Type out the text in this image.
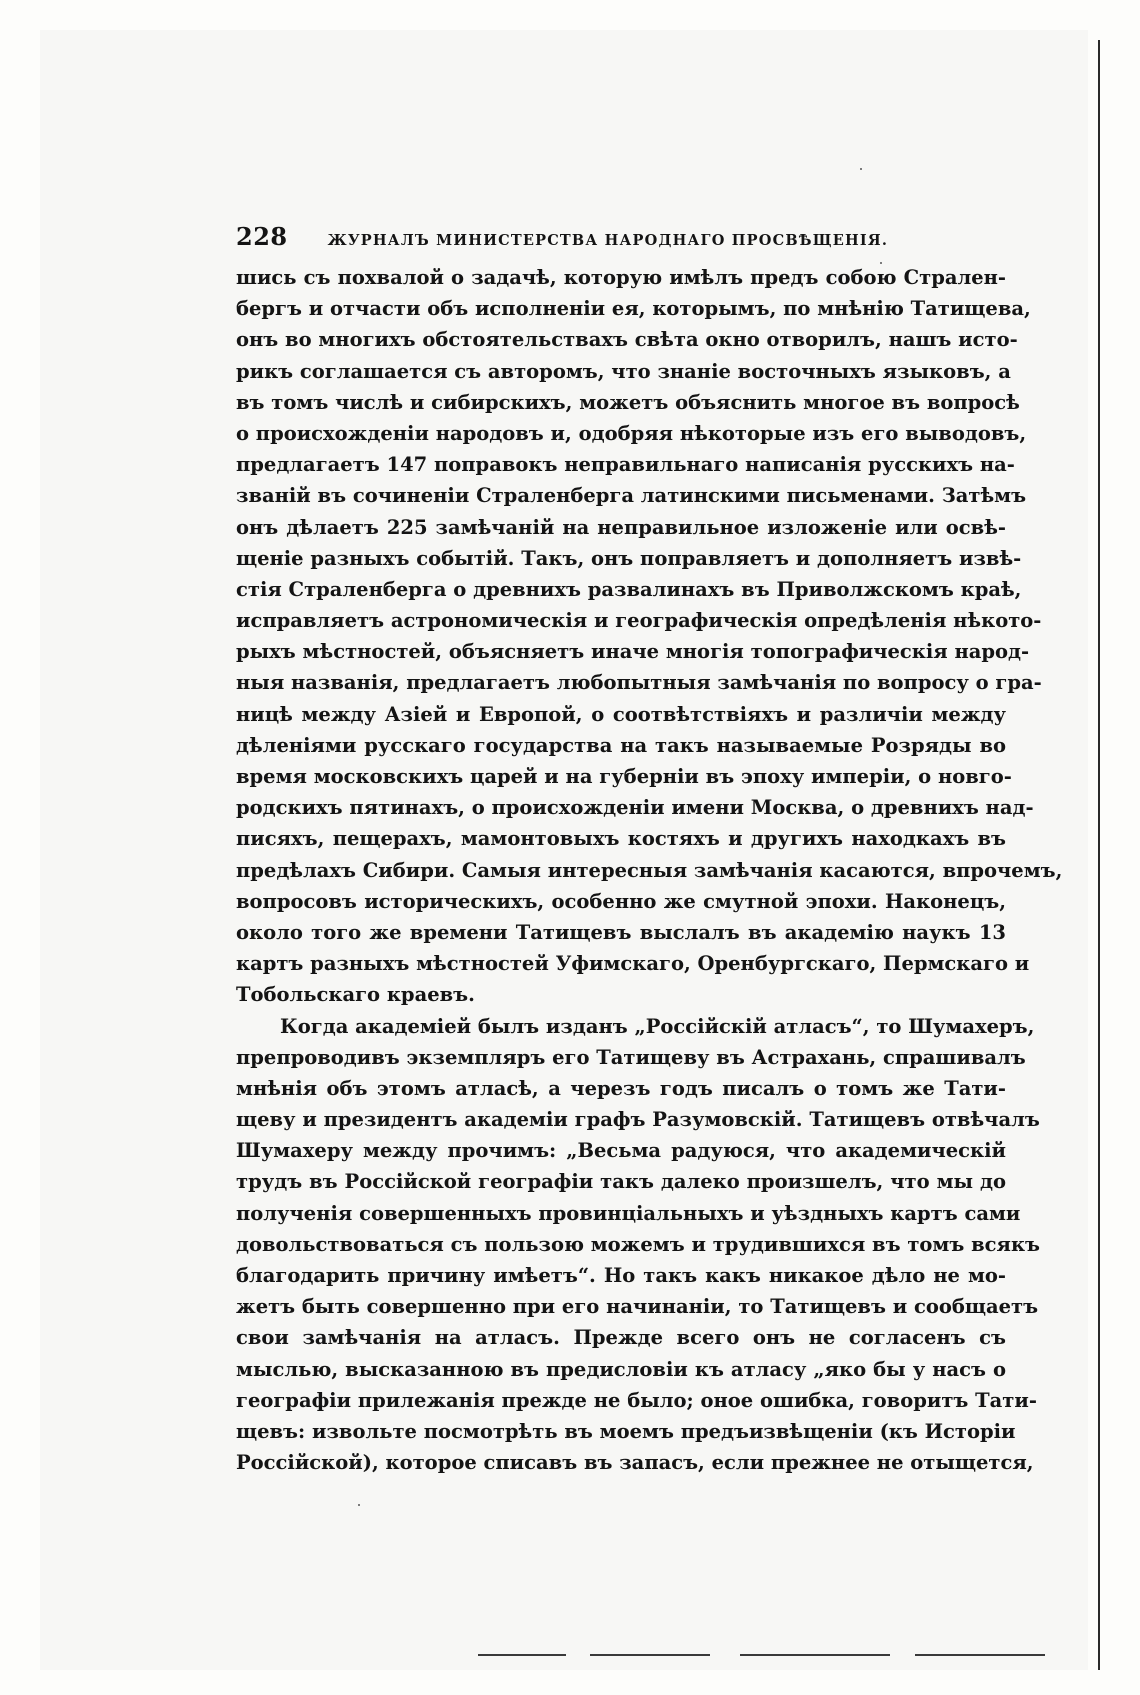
228	ЖУРНАЛЪ МИНИСТЕРСТВА НАРОДНАГО ПРОСВѢЩЕНІЯ.
шись съ похвалой о задачѣ, которую имѣлъ предъ собою Стрален-
бергъ и отчасти объ исполненіи ея, которымъ, по мнѣнію Татищева,
онъ во многихъ обстоятельствахъ свѣта окно отворилъ, нашъ исто-
рикъ соглашается съ авторомъ, что знаніе восточныхъ языковъ, а
въ томъ числѣ и сибирскихъ, можетъ объяснить многое въ вопросѣ
о происхожденіи народовъ и, одобряя нѣкоторые изъ его выводовъ,
предлагаетъ 147 поправокъ неправильнаго написанія русскихъ на-
званій въ сочиненіи Страленберга латинскими письменами. Затѣмъ
онъ дѣлаетъ 225 замѣчаній на неправильное изложеніе или освѣ-
щеніе разныхъ событій. Такъ, онъ поправляетъ и дополняетъ извѣ-
стія Страленберга о древнихъ развалинахъ въ Приволжскомъ краѣ,
исправляетъ астрономическія и географическія опредѣленія нѣкото-
рыхъ мѣстностей, объясняетъ иначе многія топографическія народ-
ныя названія, предлагаетъ любопытныя замѣчанія по вопросу о гра-
ницѣ между Азіей и Европой, о соотвѣтствіяхъ и различіи между
дѣленіями русскаго государства на такъ называемые Розряды во
время московскихъ царей и на губерніи въ эпоху имперіи, о новго-
родскихъ пятинахъ, о происхожденіи имени Москва, о древнихъ над-
писяхъ, пещерахъ, мамонтовыхъ костяхъ и другихъ находкахъ въ
предѣлахъ Сибири. Самыя интересныя замѣчанія касаются, впрочемъ,
вопросовъ историческихъ, особенно же смутной эпохи. Наконецъ,
около того же времени Татищевъ выслалъ въ академію наукъ 13
картъ разныхъ мѣстностей Уфимскаго, Оренбургскаго, Пермскаго и
Тобольскаго краевъ.
Когда академіей былъ изданъ „Россійскій атласъ“, то Шумахеръ,
препроводивъ экземпляръ его Татищеву въ Астрахань, спрашивалъ
мнѣнія объ этомъ атласѣ, а черезъ годъ писалъ о томъ же Тати-
щеву и президентъ академіи графъ Разумовскій. Татищевъ отвѣчалъ
Шумахеру между прочимъ: „Весьма радуюся, что академическій
трудъ въ Россійской географіи такъ далеко произшелъ, что мы до
полученія совершенныхъ провинціальныхъ и уѣздныхъ картъ сами
довольствоваться съ пользою можемъ и трудившихся въ томъ всякъ
благодарить причину имѣетъ“. Но такъ какъ никакое дѣло не мо-
жетъ быть совершенно при его начинаніи, то Татищевъ и сообщаетъ
свои замѣчанія на атласъ. Прежде всего онъ не согласенъ съ
мыслью, высказанною въ предисловіи къ атласу „яко бы у насъ о
географіи прилежанія прежде не было; оное ошибка, говоритъ Тати-
щевъ: извольте посмотрѣть въ моемъ предъизвѣщеніи (къ Исторіи
Россійской), которое списавъ въ запасъ, если прежнее не отыщется,
